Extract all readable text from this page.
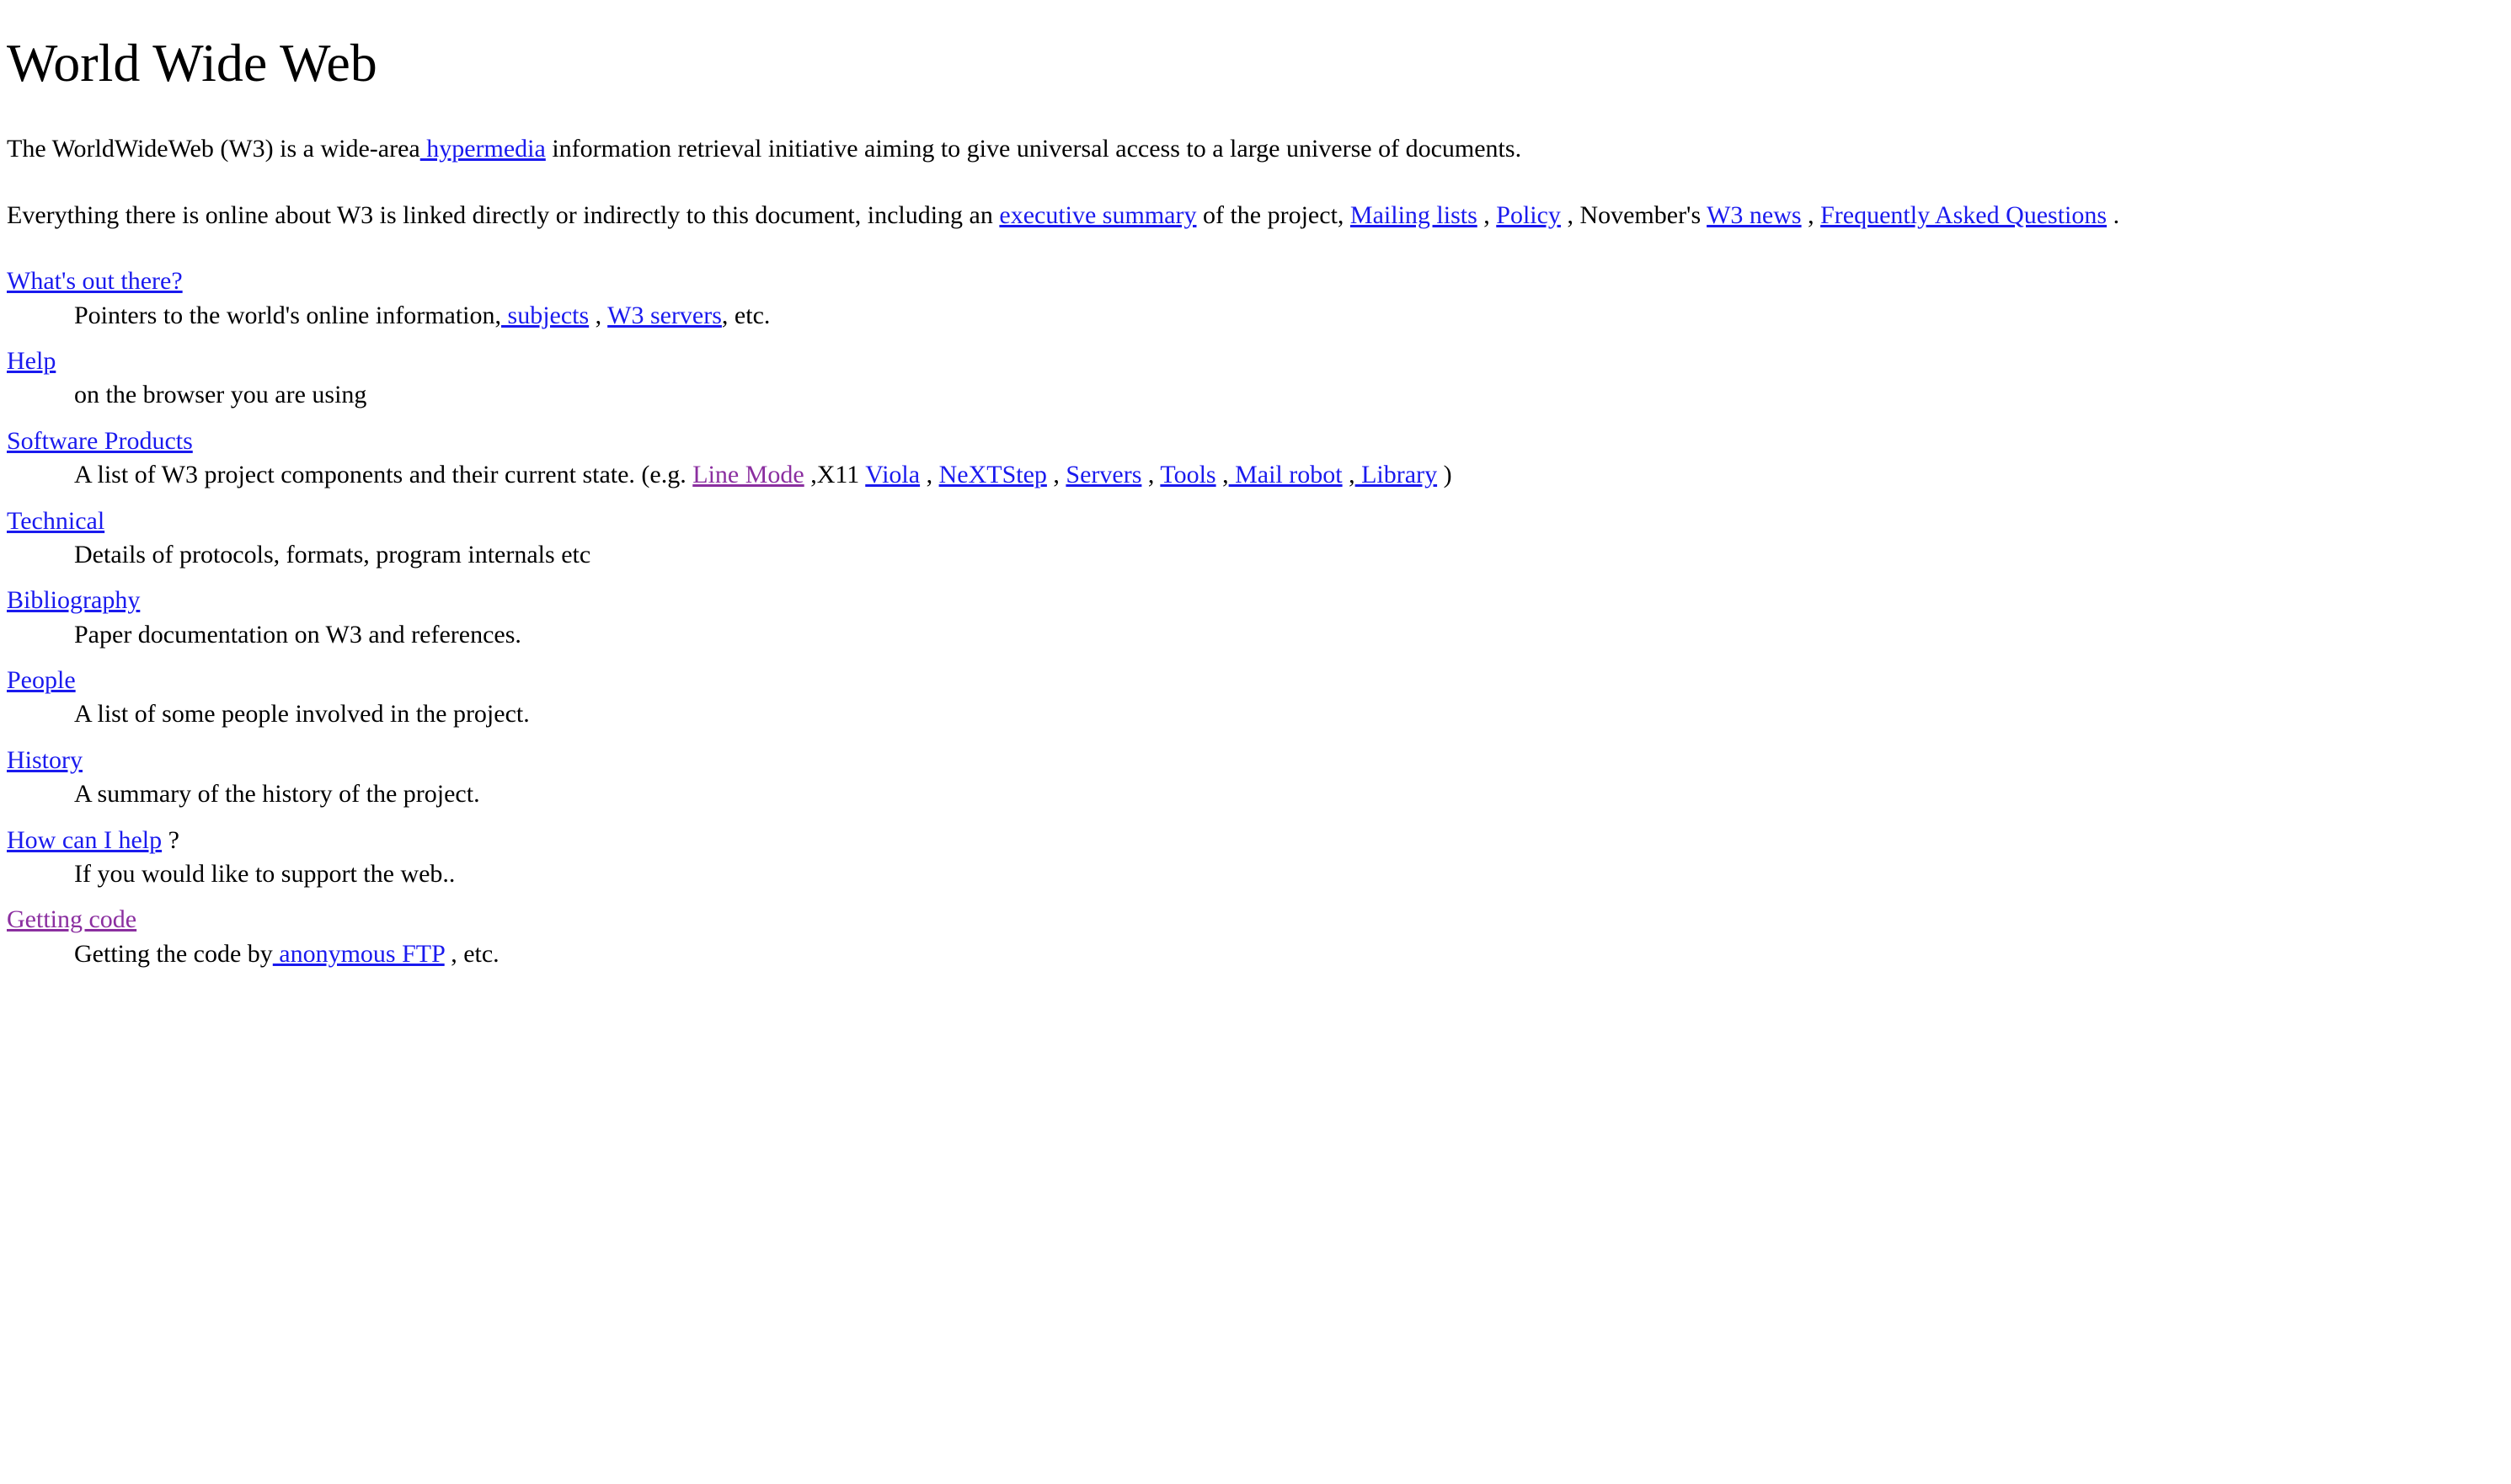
World Wide Web

The WorldWideWeb (W3) is a wide-area hypermedia information retrieval initiative aiming to give universal access to a large universe of documents.

Everything there is online about W3 is linked directly or indirectly to this document, including an executive summary of the project, Mailing lists , Policy , November's W3 news , Frequently Asked Questions .

What's out there?
Pointers to the world's online information, subjects , W3 servers, etc.
Help
on the browser you are using
Software Products
A list of W3 project components and their current state. (e.g. Line Mode ,X11 Viola , NeXTStep , Servers , Tools , Mail robot , Library )
Technical
Details of protocols, formats, program internals etc
Bibliography
Paper documentation on W3 and references.
People
A list of some people involved in the project.
History
A summary of the history of the project.
How can I help ?
If you would like to support the web..
Getting code
Getting the code by anonymous FTP , etc.
